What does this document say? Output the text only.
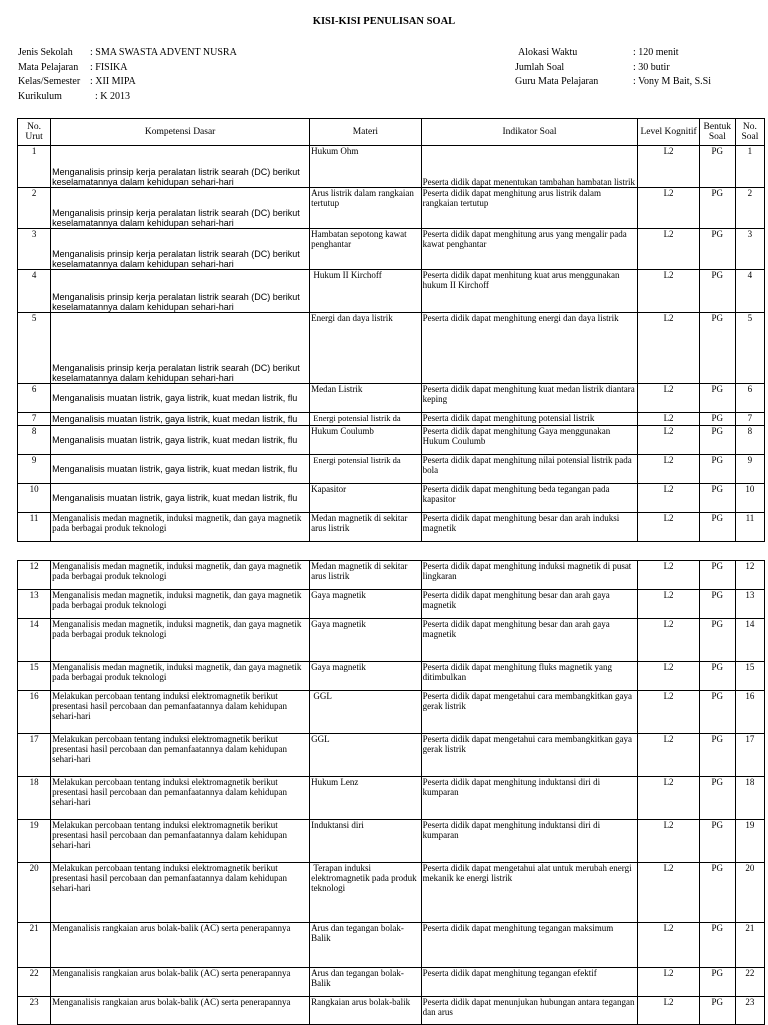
KISI-KISI PENULISAN SOAL
Jenis Sekolah : SMA SWASTA ADVENT NUSRA
Mata Pelajaran : FISIKA
Kelas/Semester : XII MIPA
Kurikulum	: K 2013
Alokasi Waktu	: 120 menit
Jumlah Soal	: 30 butir
Guru Mata Pelajaran	: Vony M Bait, S.Si
No. Urut	Kompetensi Dasar	Materi	Indikator Soal	Level Kognitif	Bentuk Soal	No. Soal
1	Menganalisis prinsip kerja peralatan listrik searah (DC) berikut keselamatannya dalam kehidupan sehari-hari	Hukum Ohm	Peserta didik dapat menentukan tambahan hambatan listrik	L2	PG	1
2	Menganalisis prinsip kerja peralatan listrik searah (DC) berikut keselamatannya dalam kehidupan sehari-hari	Arus listrik dalam rangkaian tertutup	Peserta didik dapat menghitung arus listrik dalam rangkaian tertutup	L2	PG	2
3	Menganalisis prinsip kerja peralatan listrik searah (DC) berikut keselamatannya dalam kehidupan sehari-hari	Hambatan sepotong kawat penghantar	Peserta didik dapat menghitung arus yang mengalir pada kawat penghantar	L2	PG	3
4	Menganalisis prinsip kerja peralatan listrik searah (DC) berikut keselamatannya dalam kehidupan sehari-hari	Hukum II Kirchoff	Peserta didik dapat menhitung kuat arus menggunakan hukum II Kirchoff	L2	PG	4
5	Menganalisis prinsip kerja peralatan listrik searah (DC) berikut keselamatannya dalam kehidupan sehari-hari	Energi dan daya listrik	Peserta didik dapat menghitung energi dan daya listrik	L2	PG	5
6	Menganalisis muatan listrik, gaya listrik, kuat medan listrik, flu	Medan Listrik	Peserta didik dapat menghitung kuat medan listrik diantara keping	L2	PG	6
7	Menganalisis muatan listrik, gaya listrik, kuat medan listrik, flu	Energi potensial listrik da	Peserta didik dapat menghitung potensial listrik	L2	PG	7
8	Menganalisis muatan listrik, gaya listrik, kuat medan listrik, flu	Hukum Coulumb	Peserta didik dapat menghitung Gaya menggunakan Hukum Coulumb	L2	PG	8
9	Menganalisis muatan listrik, gaya listrik, kuat medan listrik, flu	Energi potensial listrik da	Peserta didik dapat menghitung nilai potensial listrik pada bola	L2	PG	9
10	Menganalisis muatan listrik, gaya listrik, kuat medan listrik, flu	Kapasitor	Peserta didik dapat menghitung beda tegangan pada kapasitor	L2	PG	10
11	Menganalisis medan magnetik, induksi magnetik, dan gaya magnetik pada berbagai produk teknologi	Medan magnetik di sekitar arus listrik	Peserta didik dapat menghitung besar dan arah induksi magnetik	L2	PG	11
12	Menganalisis medan magnetik, induksi magnetik, dan gaya magnetik pada berbagai produk teknologi	Medan magnetik di sekitar arus listrik	Peserta didik dapat menghitung induksi magnetik di pusat lingkaran	L2	PG	12
13	Menganalisis medan magnetik, induksi magnetik, dan gaya magnetik pada berbagai produk teknologi	Gaya magnetik	Peserta didik dapat menghitung besar dan arah gaya magnetik	L2	PG	13
14	Menganalisis medan magnetik, induksi magnetik, dan gaya magnetik pada berbagai produk teknologi	Gaya magnetik	Peserta didik dapat menghitung besar dan arah gaya magnetik	L2	PG	14
15	Menganalisis medan magnetik, induksi magnetik, dan gaya magnetik pada berbagai produk teknologi	Gaya magnetik	Peserta didik dapat menghitung fluks magnetik yang ditimbulkan	L2	PG	15
16	Melakukan percobaan tentang induksi elektromagnetik berikut presentasi hasil percobaan dan pemanfaatannya dalam kehidupan sehari-hari	GGL	Peserta didik dapat mengetahui cara membangkitkan gaya gerak listrik	L2	PG	16
17	Melakukan percobaan tentang induksi elektromagnetik berikut presentasi hasil percobaan dan pemanfaatannya dalam kehidupan sehari-hari	GGL	Peserta didik dapat mengetahui cara membangkitkan gaya gerak listrik	L2	PG	17
18	Melakukan percobaan tentang induksi elektromagnetik berikut presentasi hasil percobaan dan pemanfaatannya dalam kehidupan sehari-hari	Hukum Lenz	Peserta didik dapat menghitung induktansi diri di kumparan	L2	PG	18
19	Melakukan percobaan tentang induksi elektromagnetik berikut presentasi hasil percobaan dan pemanfaatannya dalam kehidupan sehari-hari	Induktansi diri	Peserta didik dapat menghitung induktansi diri di kumparan	L2	PG	19
20	Melakukan percobaan tentang induksi elektromagnetik berikut presentasi hasil percobaan dan pemanfaatannya dalam kehidupan sehari-hari	Terapan induksi elektromagnetik pada produk teknologi	Peserta didik dapat mengetahui alat untuk merubah energi mekanik ke energi listrik	L2	PG	20
21	Menganalisis rangkaian arus bolak-balik (AC) serta penerapannya	Arus dan tegangan bolak-Balik	Peserta didik dapat menghitung tegangan maksimum	L2	PG	21
22	Menganalisis rangkaian arus bolak-balik (AC) serta penerapannya	Arus dan tegangan bolak-Balik	Peserta didik dapat menghitung tegangan efektif	L2	PG	22
23	Menganalisis rangkaian arus bolak-balik (AC) serta penerapannya	Rangkaian arus bolak-balik	Peserta didik dapat menunjukan hubungan antara tegangan dan arus	L2	PG	23
